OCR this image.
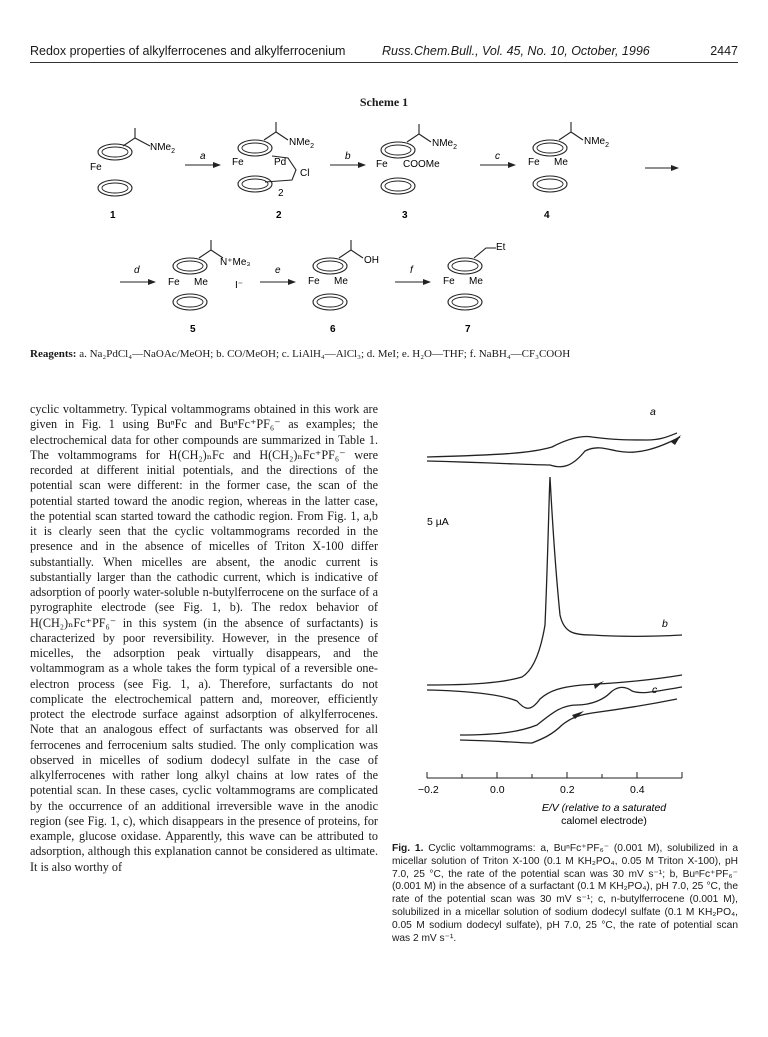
Redox properties of alkylferrocenes and alkylferrocenium	Russ.Chem.Bull., Vol. 45, No. 10, October, 1996	2447
Scheme 1
NMe$_2$
Fe
1
a
NMe$_2$
Fe	Pd
Cl
2
2
b
NMe$_2$
Fe COOMe
3
c
NMe$_2$
Fe Me
4
d
N⁺Me₃
Fe Me	I⁻
5
e
OH
Fe Me
6
f
Et
Fe Me
7
Reagents: a. Na₂PdCl₄—NaOAc/MeOH; b. CO/MeOH; c. LiAlH₄—AlCl₃; d. MeI; e. H₂O—THF; f. NaBH₄—CF₃COOH

cyclic voltammetry. Typical voltammograms obtained in this work are given in Fig. 1 using BuⁿFc and BuⁿFc⁺PF₆⁻ as examples; the electrochemical data for other compounds are summarized in Table 1. The voltammograms for H(CH₂)ₙFc and H(CH₂)ₙFc⁺PF₆⁻ were recorded at different initial potentials, and the directions of the potential scan were different: in the former case, the scan of the potential started toward the anodic region, whereas in the latter case, the potential scan started toward the cathodic region. From Fig. 1, a,b it is clearly seen that the cyclic voltammograms recorded in the presence and in the absence of micelles of Triton X-100 differ substantially. When micelles are absent, the anodic current is substantially larger than the cathodic current, which is indicative of adsorption of poorly water-soluble n-butylferrocene on the surface of a pyrographite electrode (see Fig. 1, b). The redox behavior of H(CH₂)ₙFc⁺PF₆⁻ in this system (in the absence of surfactants) is characterized by poor reversibility. However, in the presence of micelles, the adsorption peak virtually disappears, and the voltammogram as a whole takes the form typical of a reversible one-electron process (see Fig. 1, a). Therefore, surfactants do not complicate the electrochemical pattern and, moreover, efficiently protect the electrode surface against adsorption of alkylferrocenes. Note that an analogous effect of surfactants was observed for all ferrocenes and ferrocenium salts studied. The only complication was observed in micelles of sodium dodecyl sulfate in the case of alkylferrocenes with rather long alkyl chains at low rates of the potential scan. In these cases, cyclic voltammograms are complicated by the occurrence of an additional irreversible wave in the anodic region (see Fig. 1, c), which disappears in the presence of proteins, for example, glucose oxidase. Apparently, this wave can be attributed to adsorption, although this explanation cannot be considered as ultimate. It is also worthy of

a
5 µA
b
c
−0.2	0.0	0.2	0.4
E/V (relative to a saturated
calomel electrode)
Fig. 1. Cyclic voltammograms: a, BuⁿFc⁺PF₆⁻ (0.001 M), solubilized in a micellar solution of Triton X-100 (0.1 M KH₂PO₄, 0.05 M Triton X-100), pH 7.0, 25 °C, the rate of the potential scan was 30 mV s⁻¹; b, BuⁿFc⁺PF₆⁻ (0.001 M) in the absence of a surfactant (0.1 M KH₂PO₄), pH 7.0, 25 °C, the rate of the potential scan was 30 mV s⁻¹; c, n-butylferrocene (0.001 M), solubilized in a micellar solution of sodium dodecyl sulfate (0.1 M KH₂PO₄, 0.05 M sodium dodecyl sulfate), pH 7.0, 25 °C, the rate of potential scan was 2 mV s⁻¹.
